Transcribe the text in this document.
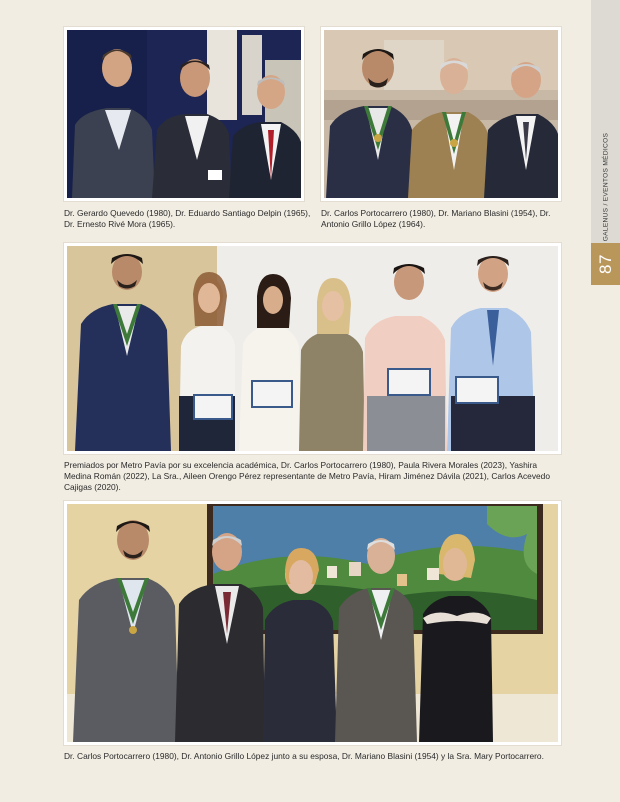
GALENUS / EVENTOS MÉDICOS
87
Dr. Gerardo Quevedo (1980), Dr. Eduardo Santiago Delpin (1965), Dr. Ernesto Rivé Mora (1965).
Dr. Carlos Portocarrero (1980), Dr. Mariano Blasini (1954), Dr. Antonio Grillo López (1964).
Premiados por Metro Pavía por su excelencia académica, Dr. Carlos Portocarrero (1980), Paula Rivera Morales (2023), Yashira Medina Román (2022), La Sra., Aileen Orengo Pérez representante de Metro Pavía, Hiram Jiménez Dávila (2021), Carlos Acevedo Cajigas (2020).
Dr. Carlos Portocarrero (1980), Dr. Antonio Grillo López junto a su esposa, Dr. Mariano Blasini (1954) y la Sra. Mary Portocarrero.
